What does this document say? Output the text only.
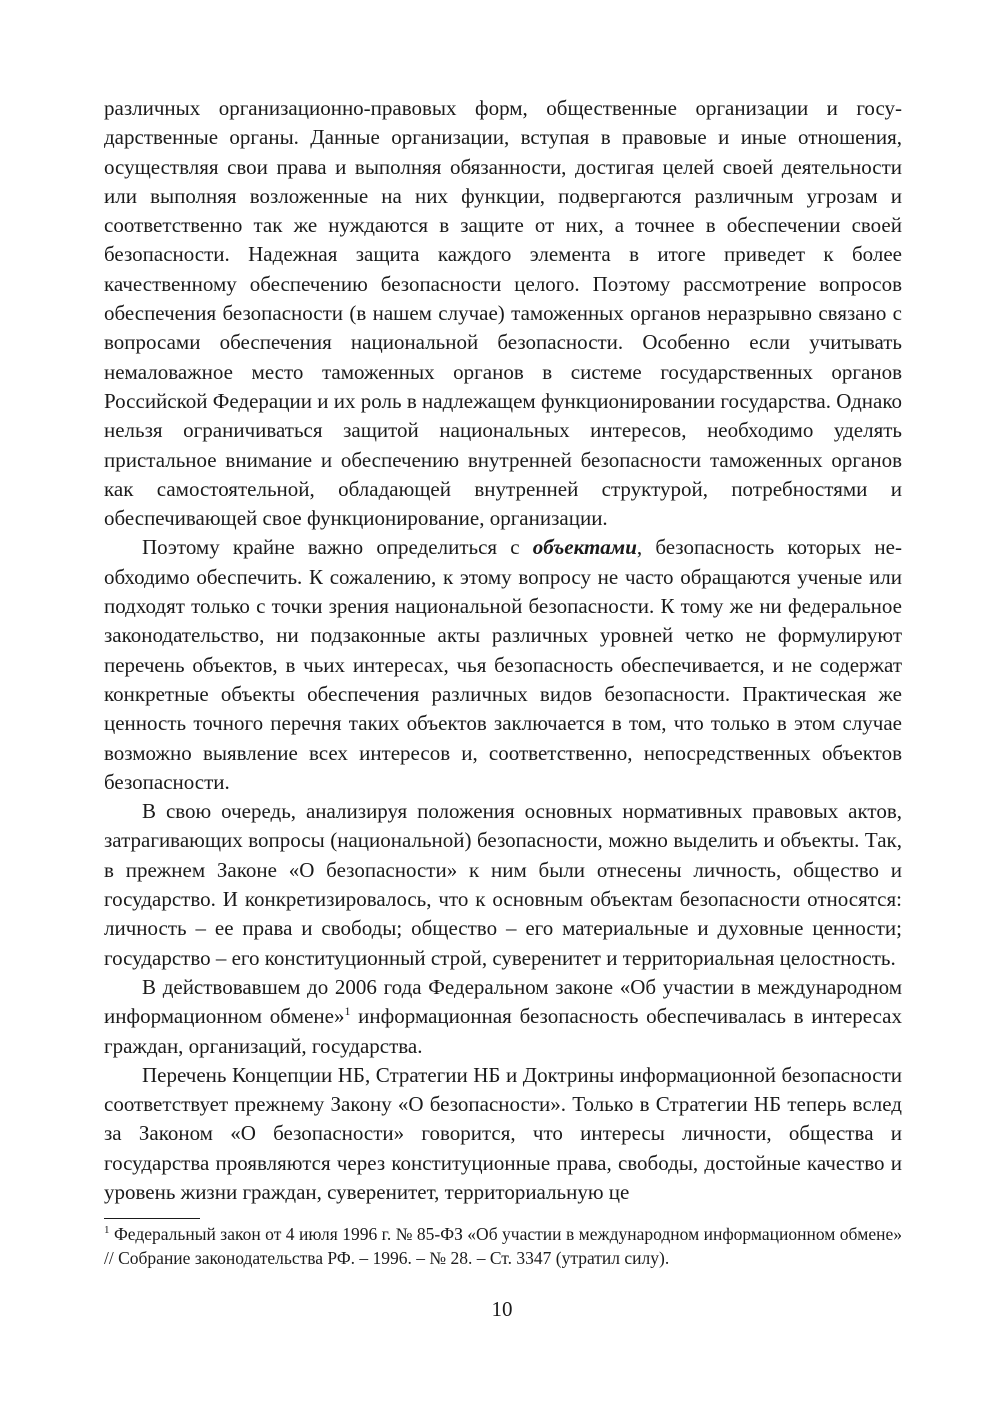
различных организационно-правовых форм, общественные организации и государственные органы. Данные организации, вступая в правовые и иные отношения, осуществляя свои права и выполняя обязанности, достигая целей своей деятельности или выполняя возложенные на них функции, подвергаются различным угрозам и соответственно так же нуждаются в защите от них, а точнее в обеспечении своей безопасности. Надежная защита каждого элемента в итоге приведет к более качественному обеспечению безопасности целого. Поэтому рассмотрение вопросов обеспечения безопасности (в нашем случае) таможенных органов неразрывно связано с вопросами обеспечения национальной безопасности. Особенно если учитывать немаловажное место таможенных органов в системе государственных органов Российской Федерации и их роль в надлежащем функционировании государства. Однако нельзя ограничиваться защитой национальных интересов, необходимо уделять пристальное внимание и обеспечению внутренней безопасности таможенных органов как самостоятельной, обладающей внутренней структурой, потребностями и обеспечивающей свое функционирование, организации.

Поэтому крайне важно определиться с объектами, безопасность которых необходимо обеспечить. К сожалению, к этому вопросу не часто обращаются ученые или подходят только с точки зрения национальной безопасности. К тому же ни федеральное законодательство, ни подзаконные акты различных уровней четко не формулируют перечень объектов, в чьих интересах, чья безопасность обеспечивается, и не содержат конкретные объекты обеспечения различных видов безопасности. Практическая же ценность точного перечня таких объектов заключается в том, что только в этом случае возможно выявление всех интересов и, соответственно, непосредственных объектов безопасности.

В свою очередь, анализируя положения основных нормативных правовых актов, затрагивающих вопросы (национальной) безопасности, можно выделить и объекты. Так, в прежнем Законе «О безопасности» к ним были отнесены личность, общество и государство. И конкретизировалось, что к основным объектам безопасности относятся: личность – ее права и свободы; общество – его материальные и духовные ценности; государство – его конституционный строй, суверенитет и территориальная целостность.

В действовавшем до 2006 года Федеральном законе «Об участии в международном информационном обмене»$^1$ информационная безопасность обеспечивалась в интересах граждан, организаций, государства.

Перечень Концепции НБ, Стратегии НБ и Доктрины информационной безопасности соответствует прежнему Закону «О безопасности». Только в Стратегии НБ теперь вслед за Законом «О безопасности» говорится, что интересы личности, общества и государства проявляются через конституционные права, свободы, достойные качество и уровень жизни граждан, суверенитет, территориальную це

$^1$ Федеральный закон от 4 июля 1996 г. № 85-ФЗ «Об участии в международном информационном обмене» // Собрание законодательства РФ. – 1996. – № 28. – Ст. 3347 (утратил силу).

10
